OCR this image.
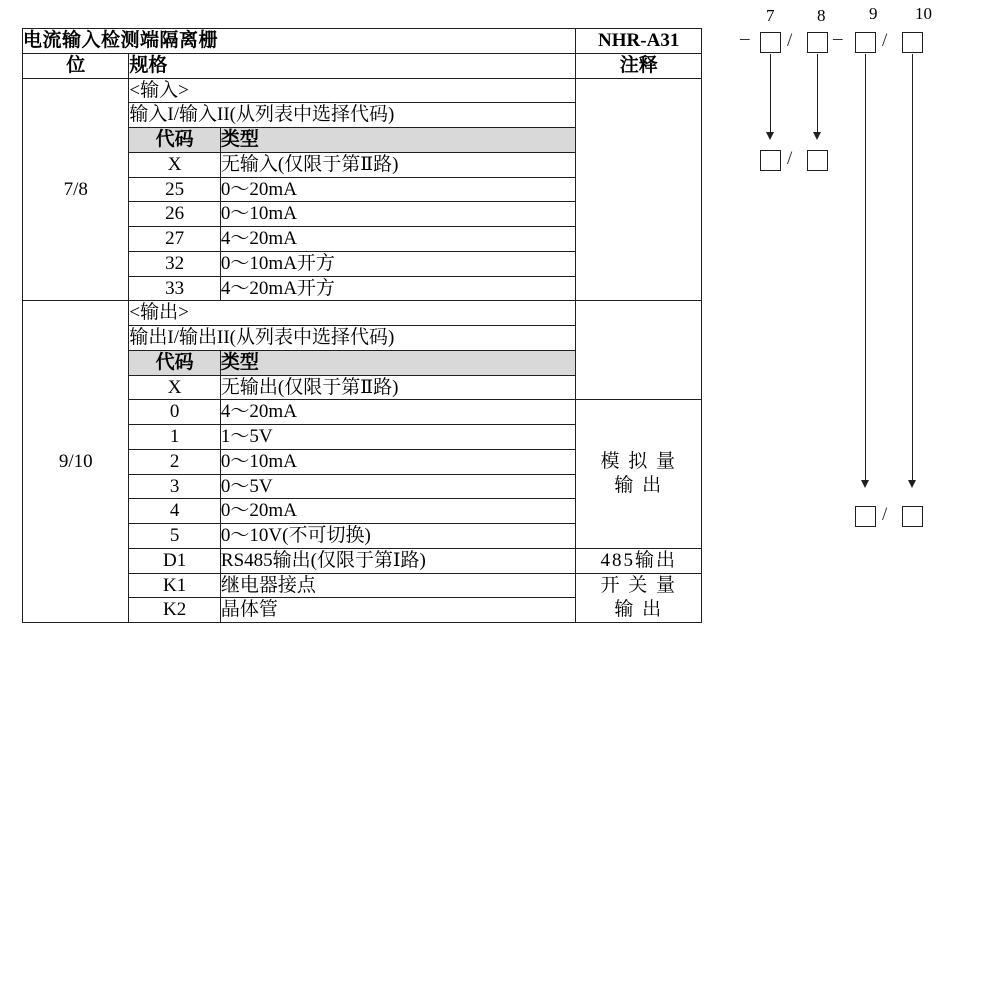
电流输入检测端隔离栅			NHR-A31
位	规格		注释
7/8	<输入>		
	输入I/输入II(从列表中选择代码)		
	代码	类型	
	X	无输入(仅限于第Ⅱ路)	
	25	0～20mA	
	26	0～10mA	
	27	4～20mA	
	32	0～10mA开方	
	33	4～20mA开方	
9/10	<输出>		
	输出I/输出II(从列表中选择代码)		
	代码	类型	
	X	无输出(仅限于第Ⅱ路)	
	0	4～20mA	模 拟 量
输 出

	1	1～5V	
	2	0～10mA	
	3	0～5V	
	4	0～20mA	
	5	0～10V(不可切换)	
	D1	RS485输出(仅限于第Ⅰ路)	485输出
	K1	继电器接点	开 关 量
输 出

	K2	晶体管	
7	8	9 10
– / – /
/
/
